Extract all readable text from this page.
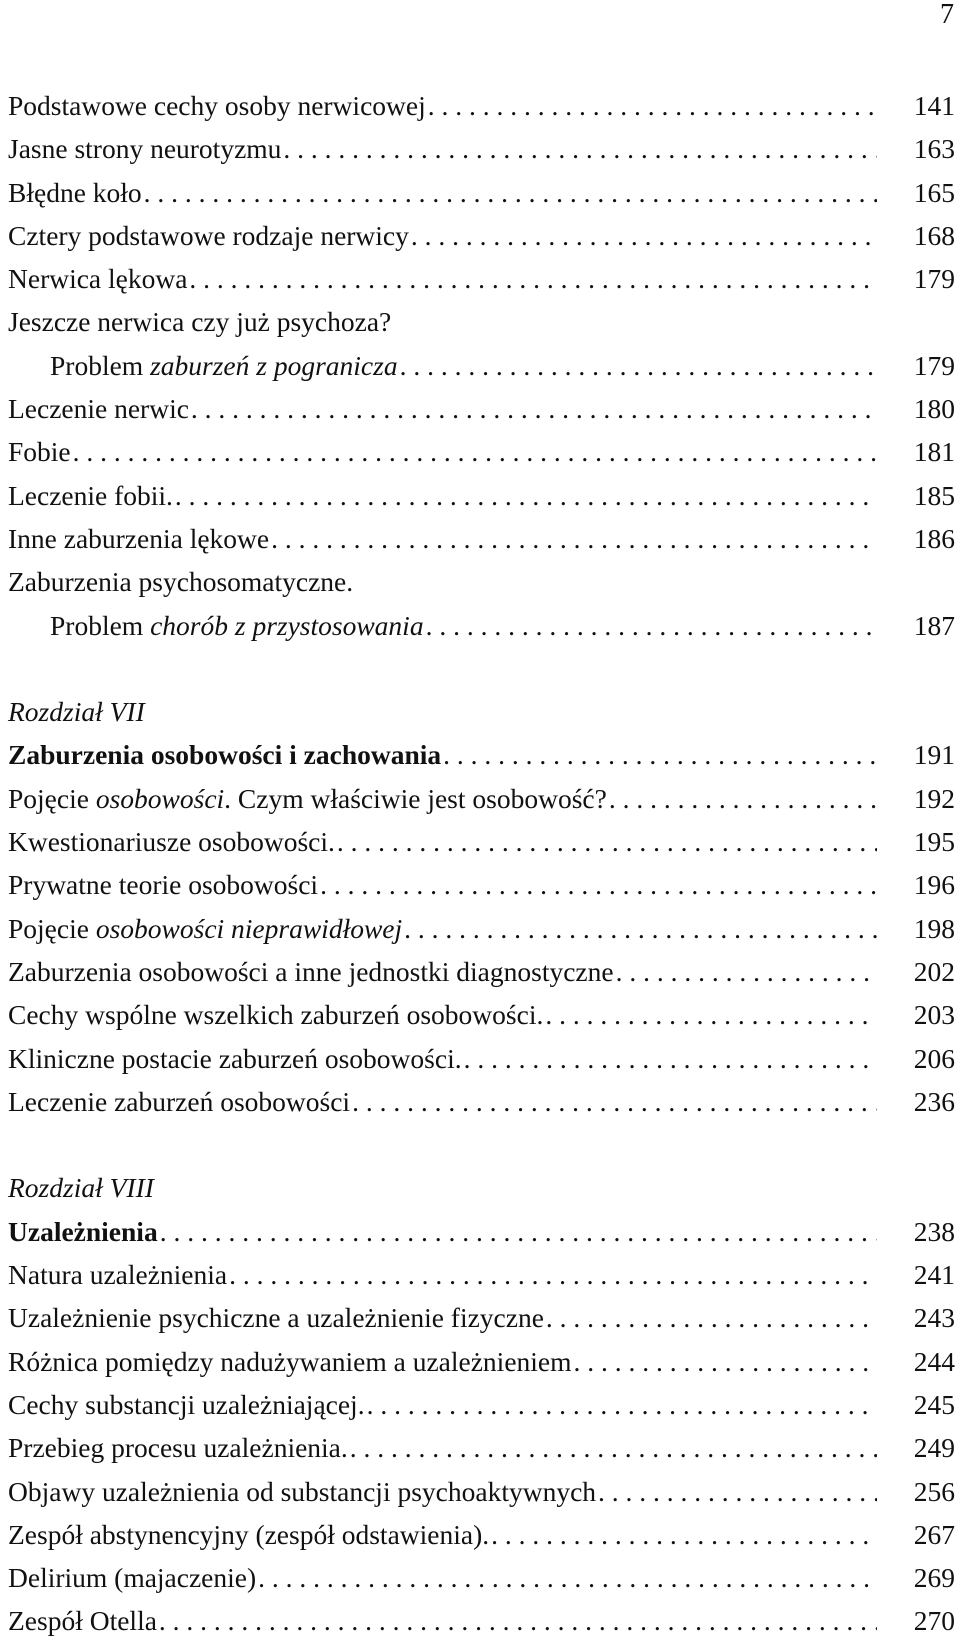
7
Podstawowe cechy osoby nerwicowej . . .	141
Jasne strony neurotyzmu . . .	163
Błędne koło . . .	165
Cztery podstawowe rodzaje nerwicy . . .	168
Nerwica lękowa . . .	179
Jeszcze nerwica czy już psychoza?
Problem zaburzeń z pogranicza . . .	179
Leczenie nerwic . . .	180
Fobie . . .	181
Leczenie fobii. . . .	185
Inne zaburzenia lękowe . . .	186
Zaburzenia psychosomatyczne.
Problem chorób z przystosowania . . .	187
Rozdział VII
Zaburzenia osobowości i zachowania . . .	191
Pojęcie osobowości. Czym właściwie jest osobowość? . . .	192
Kwestionariusze osobowości. . . .	195
Prywatne teorie osobowości . . .	196
Pojęcie osobowości nieprawidłowej . . .	198
Zaburzenia osobowości a inne jednostki diagnostyczne . . .	202
Cechy wspólne wszelkich zaburzeń osobowości. . . .	203
Kliniczne postacie zaburzeń osobowości. . . .	206
Leczenie zaburzeń osobowości . . .	236
Rozdział VIII
Uzależnienia . . .	238
Natura uzależnienia . . .	241
Uzależnienie psychiczne a uzależnienie fizyczne . . .	243
Różnica pomiędzy nadużywaniem a uzależnieniem . . .	244
Cechy substancji uzależniającej. . . .	245
Przebieg procesu uzależnienia. . . .	249
Objawy uzależnienia od substancji psychoaktywnych . . .	256
Zespół abstynencyjny (zespół odstawienia). . . .	267
Delirium (majaczenie) . . .	269
Zespół Otella . . .	270
